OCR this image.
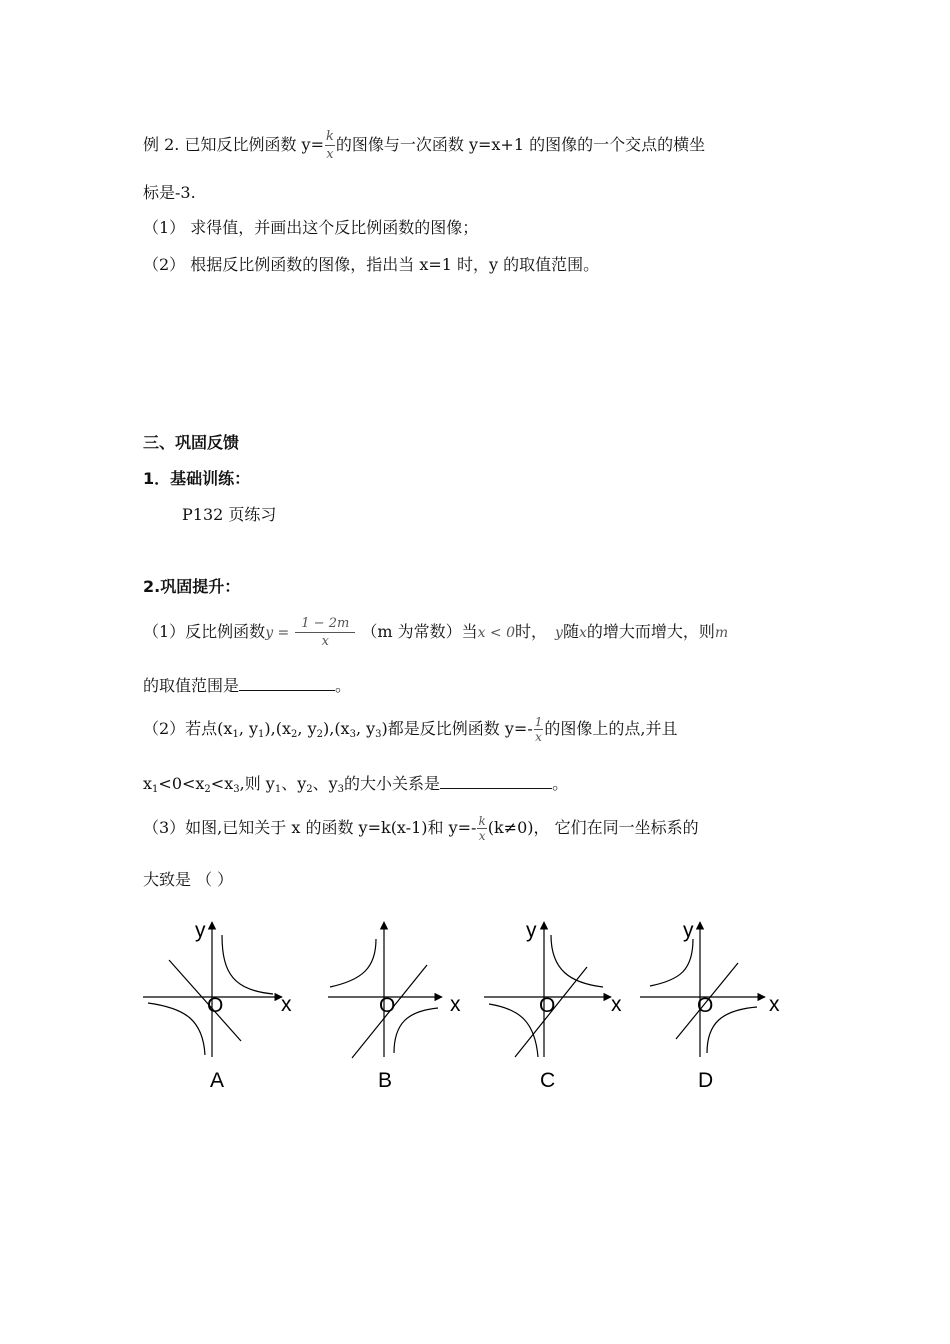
例 2. 已知反比例函数 $y= \frac{k}{x}$ 的图像与一次函数 y=x+1 的图像的一个交点的横坐
标是-3.
（1） 求得值，并画出这个反比例函数的图像；
（2） 根据反比例函数的图像，指出当 x=1 时，y 的取值范围。
三、巩固反馈
1．基础训练：
P132 页练习
2.巩固提升：
（1）反比例函数$y = \frac{1 - 2m}{x} (m$ 为常数）当x < 0时， y随x的增大而增大，则m
的取值范围是	。
（2）若点($x_1$, $y_1),(x_2$, $y_2),(x_3$, $y_3$)都是反比例函数 $y=- \frac{1}{x}$ 的图像上的点,并且
$x_1<0<x_2<x_3$,则 $y_1$、$y_2$、$y_3$的大小关系是	。
（3）如图,已知关于 x 的函数 y=k(x-1)和 $y=- \frac{k}{x} (k\ne 0)$， 它们在同一坐标系的
大致是 （ ）
y
O	x
A
O	x
B
y
O	x
C
y
O	x
D
